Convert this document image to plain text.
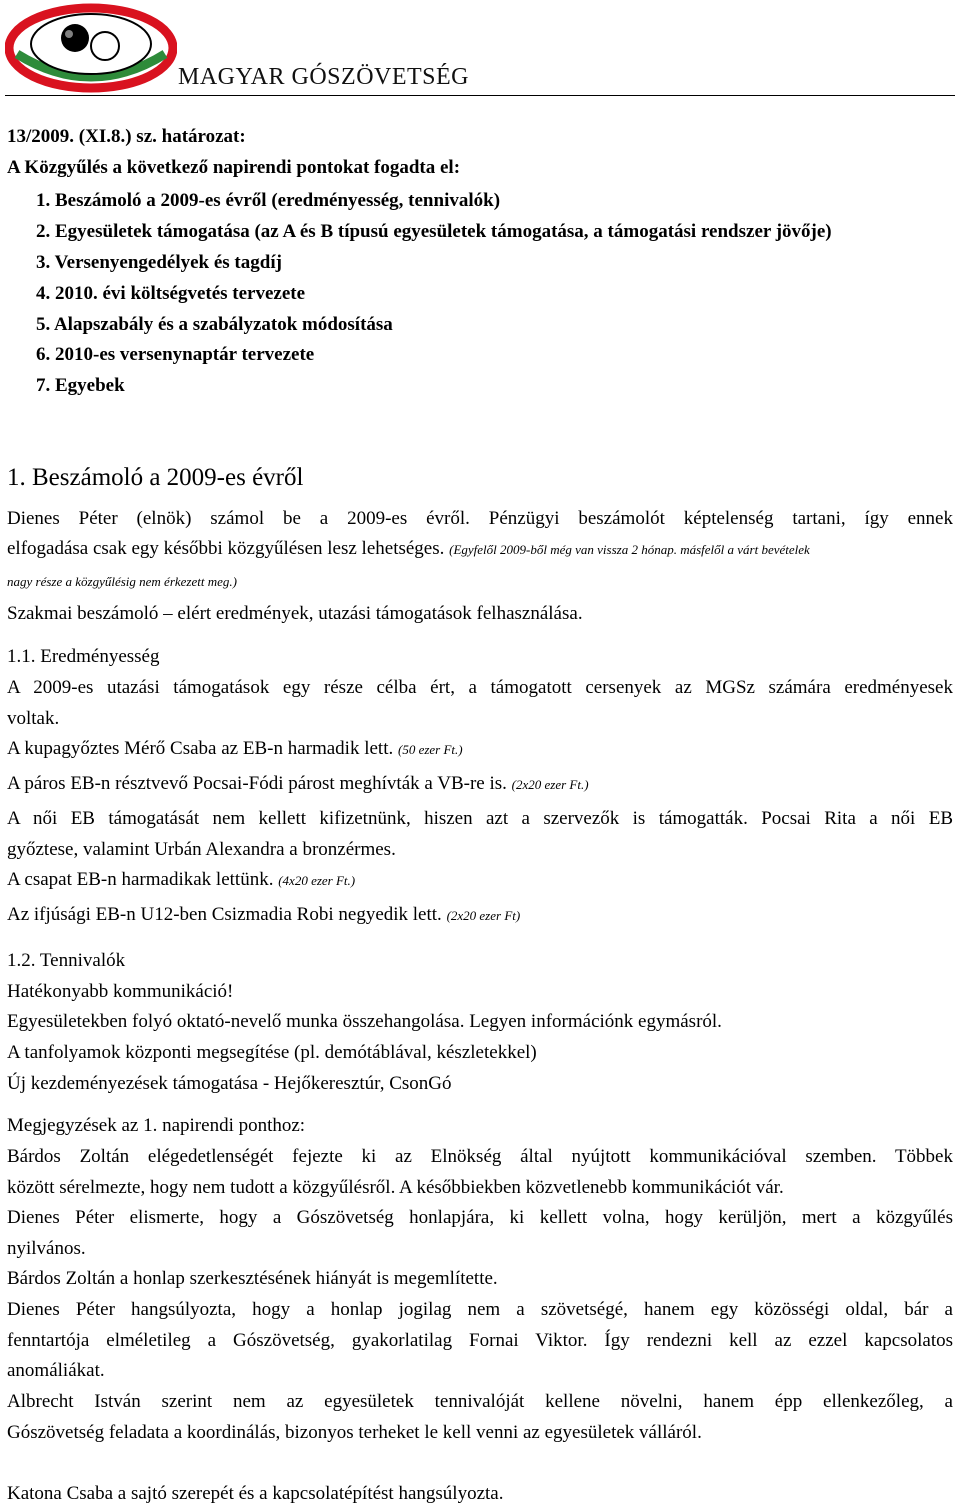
MAGYAR GÓSZÖVETSÉG
13/2009. (XI.8.) sz. határozat:
A Közgyűlés a következő napirendi pontokat fogadta el:
1. Beszámoló a 2009-es évről (eredményesség, tennivalók)
2. Egyesületek támogatása (az A és B típusú egyesületek támogatása, a támogatási rendszer jövője)
3. Versenyengedélyek és tagdíj
4. 2010. évi költségvetés tervezete
5. Alapszabály és a szabályzatok módosítása
6. 2010-es versenynaptár tervezete
7. Egyebek
1. Beszámoló a 2009-es évről
Dienes Péter (elnök) számol be a 2009-es évről. Pénzügyi beszámolót képtelenség tartani, így ennek
elfogadása csak egy későbbi közgyűlésen lesz lehetséges. (Egyfelől 2009-ből még van vissza 2 hónap. másfelől a várt bevételek
nagy része a közgyűlésig nem érkezett meg.)
Szakmai beszámoló – elért eredmények, utazási támogatások felhasználása.
1.1. Eredményesség
A 2009-es utazási támogatások egy része célba ért, a támogatott cersenyek az MGSz számára eredményesek
voltak.
A kupagyőztes Mérő Csaba az EB-n harmadik lett. (50 ezer Ft.)
A páros EB-n résztvevő Pocsai-Fódi párost meghívták a VB-re is. (2x20 ezer Ft.)
A női EB támogatását nem kellett kifizetnünk, hiszen azt a szervezők is támogatták. Pocsai Rita a női EB
győztese, valamint Urbán Alexandra a bronzérmes.
A csapat EB-n harmadikak lettünk. (4x20 ezer Ft.)
Az ifjúsági EB-n U12-ben Csizmadia Robi negyedik lett. (2x20 ezer Ft)
1.2. Tennivalók
Hatékonyabb kommunikáció!
Egyesületekben folyó oktató-nevelő munka összehangolása. Legyen információnk egymásról.
A tanfolyamok központi megsegítése (pl. demótáblával, készletekkel)
Új kezdeményezések támogatása - Hejőkeresztúr, CsonGó
Megjegyzések az 1. napirendi ponthoz:
Bárdos Zoltán elégedetlenségét fejezte ki az Elnökség által nyújtott kommunikációval szemben. Többek
között sérelmezte, hogy nem tudott a közgyűlésről. A későbbiekben közvetlenebb kommunikációt vár.
Dienes Péter elismerte, hogy a Gószövetség honlapjára, ki kellett volna, hogy kerüljön, mert a közgyűlés
nyilvános.
Bárdos Zoltán a honlap szerkesztésének hiányát is megemlítette.
Dienes Péter hangsúlyozta, hogy a honlap jogilag nem a szövetségé, hanem egy közösségi oldal, bár a
fenntartója elméletileg a Gószövetség, gyakorlatilag Fornai Viktor. Így rendezni kell az ezzel kapcsolatos
anomáliákat.
Albrecht István szerint nem az egyesületek tennivalóját kellene növelni, hanem épp ellenkezőleg, a
Gószövetség feladata a koordinálás, bizonyos terheket le kell venni az egyesületek válláról.
Katona Csaba a sajtó szerepét és a kapcsolatépítést hangsúlyozta.
